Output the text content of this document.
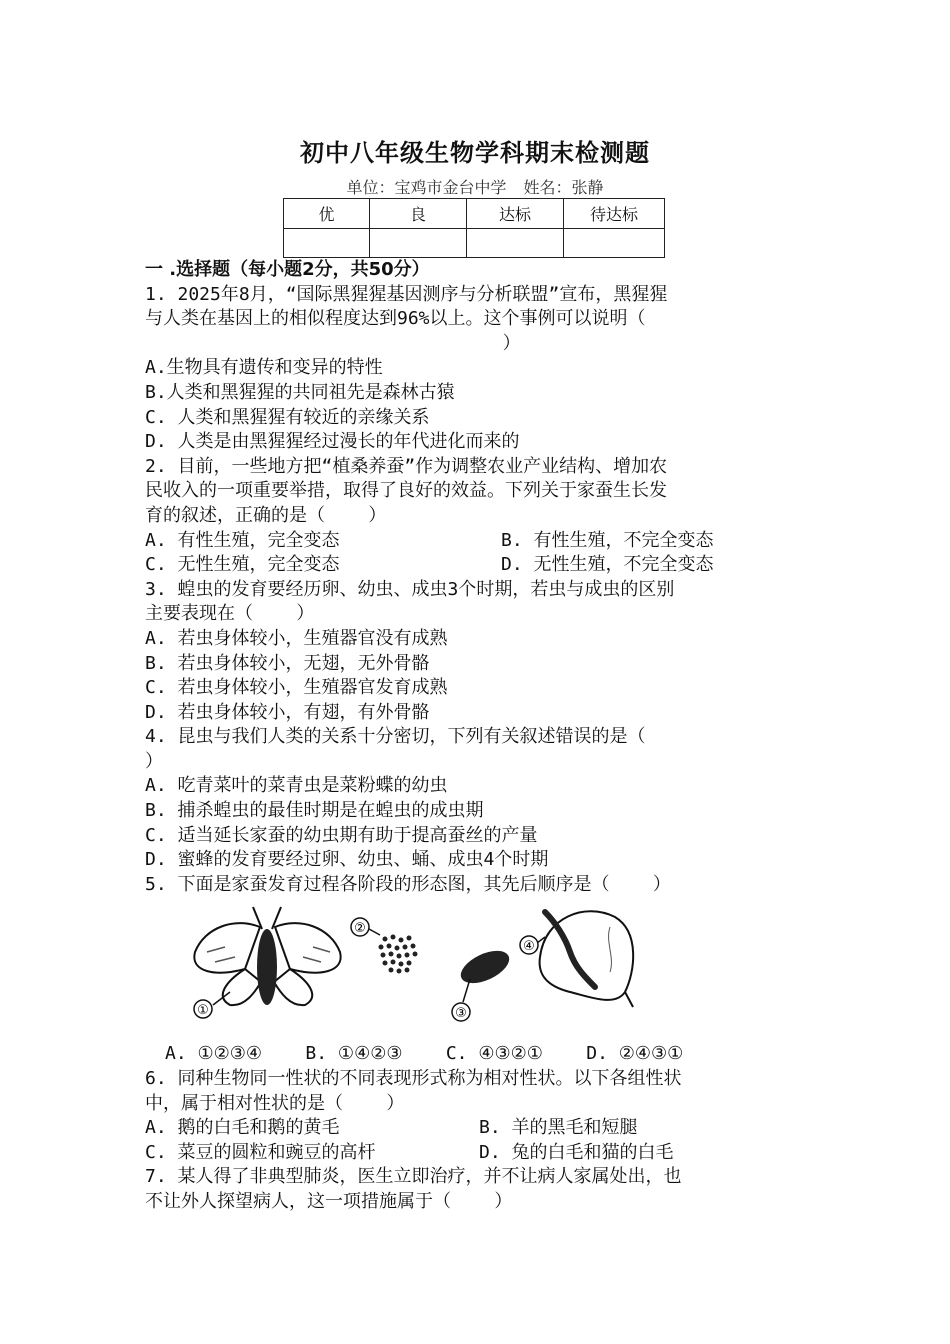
初中八年级生物学科期末检测题
单位：宝鸡市金台中学 姓名：张静
优	良	达标	待达标

一 .选择题（每小题2分，共50分）
1. 2025年8月，“国际黑猩猩基因测序与分析联盟”宣布，黑猩猩
与人类在基因上的相似程度达到96%以上。这个事例可以说明（
）
A.生物具有遗传和变异的特性
B.人类和黑猩猩的共同祖先是森林古猿
C. 人类和黑猩猩有较近的亲缘关系
D. 人类是由黑猩猩经过漫长的年代进化而来的
2. 目前，一些地方把“植桑养蚕”作为调整农业产业结构、增加农
民收入的一项重要举措，取得了良好的效益。下列关于家蚕生长发
育的叙述，正确的是（    ）
A. 有性生殖，完全变态	B. 有性生殖，不完全变态
C. 无性生殖，完全变态	D. 无性生殖，不完全变态
3. 蝗虫的发育要经历卵、幼虫、成虫3个时期，若虫与成虫的区别
主要表现在（    ）
A. 若虫身体较小，生殖器官没有成熟
B. 若虫身体较小，无翅，无外骨骼
C. 若虫身体较小，生殖器官发育成熟
D. 若虫身体较小，有翅，有外骨骼
4. 昆虫与我们人类的关系十分密切，下列有关叙述错误的是（
）
A. 吃青菜叶的菜青虫是菜粉蝶的幼虫
B. 捕杀蝗虫的最佳时期是在蝗虫的成虫期
C. 适当延长家蚕的幼虫期有助于提高蚕丝的产量
D. 蜜蜂的发育要经过卵、幼虫、蛹、成虫4个时期
5. 下面是家蚕发育过程各阶段的形态图，其先后顺序是（    ）
①
②
③
④
A. ①②③④ B. ①④②③ C. ④③②① D. ②④③①
6. 同种生物同一性状的不同表现形式称为相对性状。以下各组性状
中，属于相对性状的是（    ）
A. 鹅的白毛和鹅的黄毛	B. 羊的黑毛和短腿
C. 菜豆的圆粒和豌豆的高杆	D. 兔的白毛和猫的白毛
7. 某人得了非典型肺炎，医生立即治疗，并不让病人家属处出，也
不让外人探望病人，这一项措施属于（    ）
